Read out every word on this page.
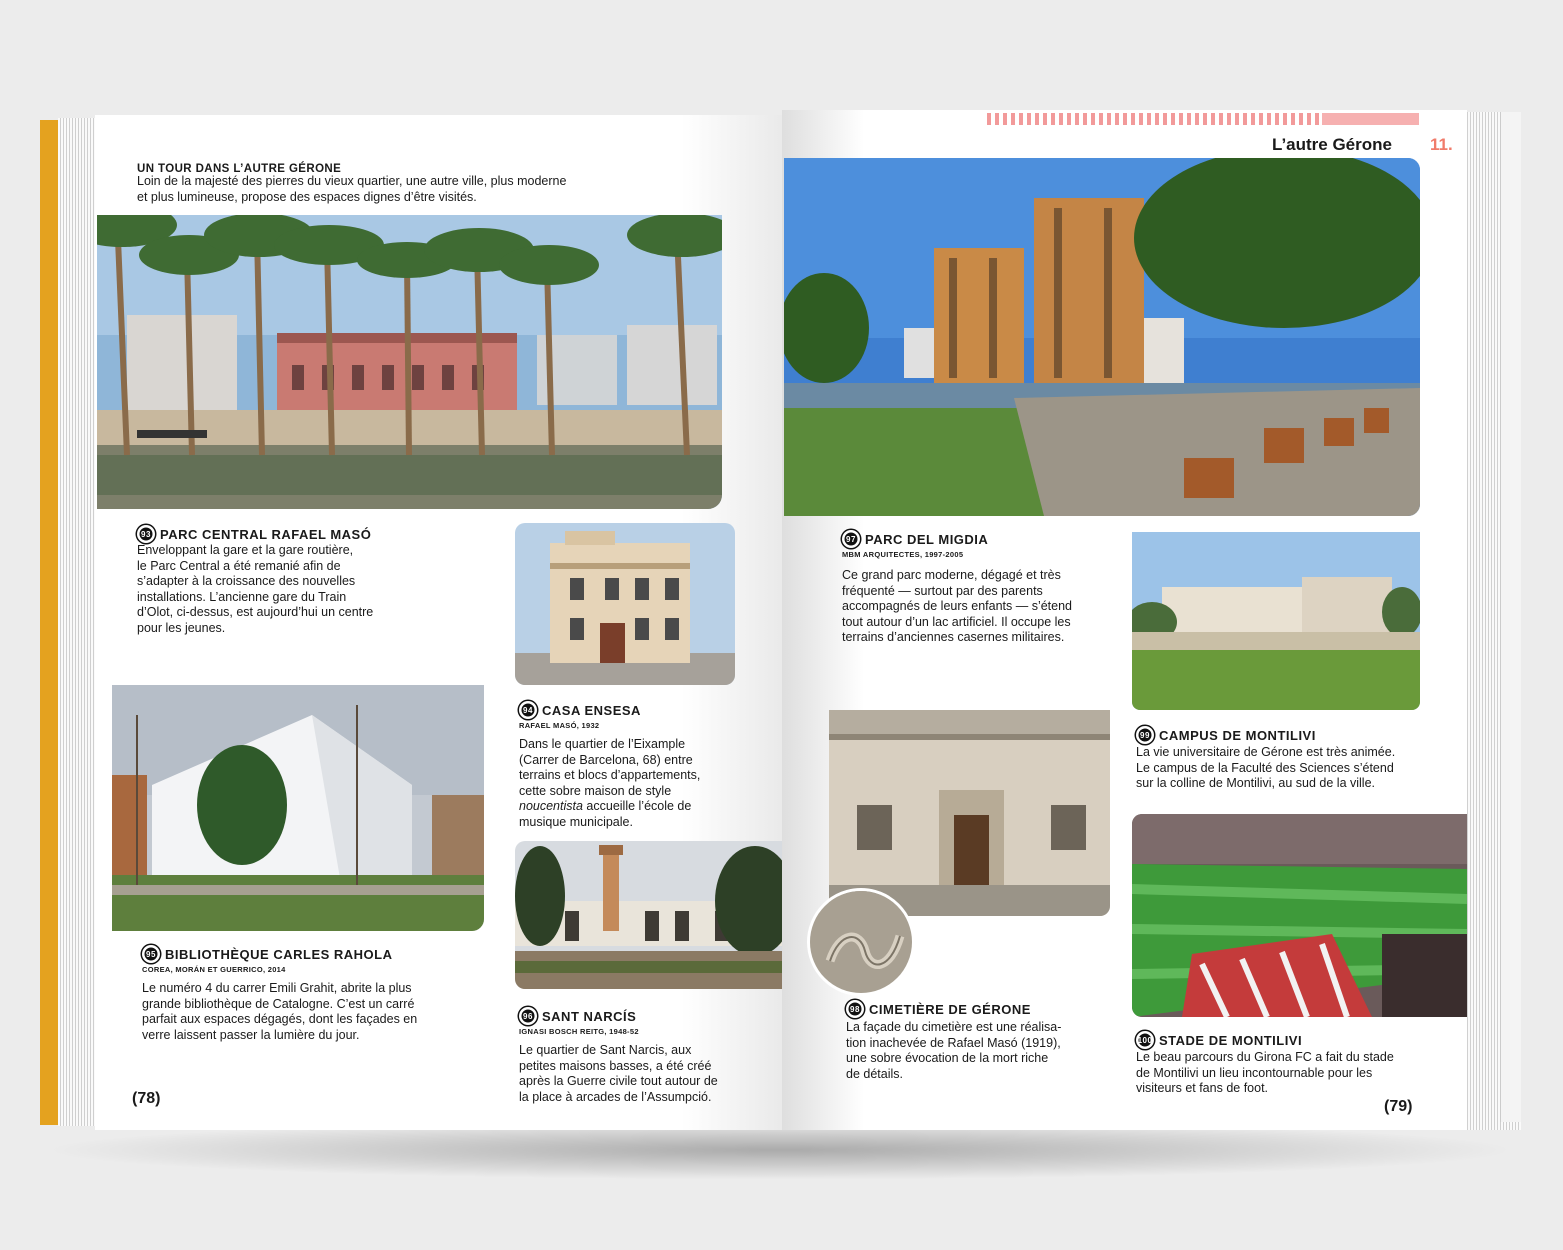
UN TOUR DANS L’AUTRE GÉRONE
Loin de la majesté des pierres du vieux quartier, une autre ville, plus moderne
et plus lumineuse, propose des espaces dignes d’être visités.
93 PARC CENTRAL RAFAEL MASÓ
Enveloppant la gare et la gare routière,
le Parc Central a été remanié afin de
s’adapter à la croissance des nouvelles
installations. L’ancienne gare du Train
d’Olot, ci-dessus, est aujourd’hui un centre
pour les jeunes.
94 CASA ENSESA
RAFAEL MASÓ, 1932
Dans le quartier de l’Eixample
(Carrer de Barcelona, 68) entre
terrains et blocs d’appartements,
cette sobre maison de style
noucentista accueille l’école de
musique municipale.
95 BIBLIOTHÈQUE CARLES RAHOLA
COREA, MORÁN ET GUERRICO, 2014
Le numéro 4 du carrer Emili Grahit, abrite la plus
grande bibliothèque de Catalogne. C’est un carré
parfait aux espaces dégagés, dont les façades en
verre laissent passer la lumière du jour.
96 SANT NARCÍS
IGNASI BOSCH REITG, 1948-52
Le quartier de Sant Narcis, aux
petites maisons basses, a été créé
après la Guerre civile tout autour de
la place à arcades de l’Assumpció.
(78)
L’autre Gérone 11.
97 PARC DEL MIGDIA
MBM ARQUITECTES, 1997-2005
Ce grand parc moderne, dégagé et très
fréquenté — surtout par des parents
accompagnés de leurs enfants — s’étend
tout autour d’un lac artificiel. Il occupe les
terrains d’anciennes casernes militaires.
99 CAMPUS DE MONTILIVI
La vie universitaire de Gérone est très animée.
Le campus de la Faculté des Sciences s’étend
sur la colline de Montilivi, au sud de la ville.
98 CIMETIÈRE DE GÉRONE
La façade du cimetière est une réalisa-
tion inachevée de Rafael Masó (1919),
une sobre évocation de la mort riche
de détails.
100 STADE DE MONTILIVI
Le beau parcours du Girona FC a fait du stade
de Montilivi un lieu incontournable pour les
visiteurs et fans de foot.
(79)
